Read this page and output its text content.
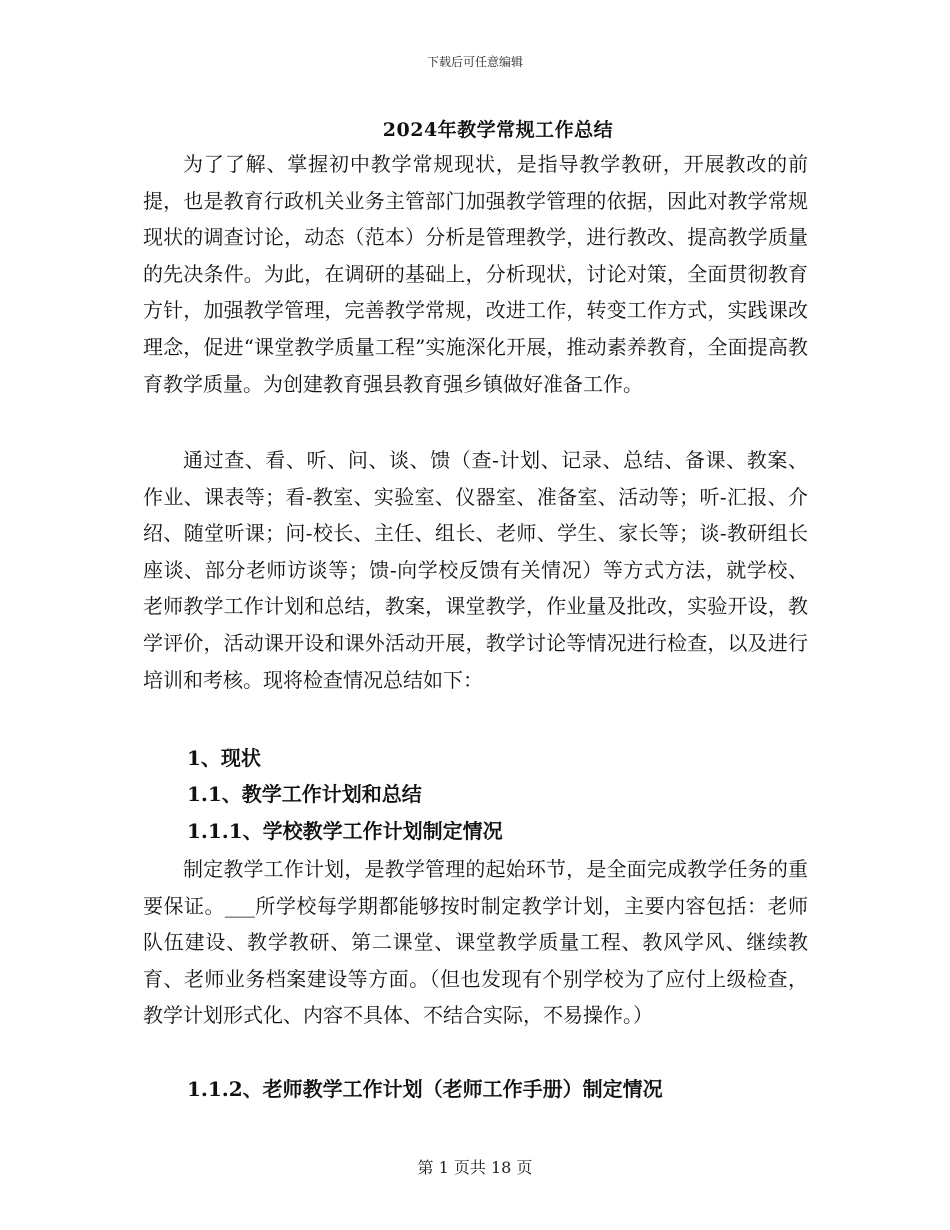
下载后可任意编辑
2024年教学常规工作总结

为了了解、掌握初中教学常规现状，是指导教学教研，开展教改的前提，也是教育行政机关业务主管部门加强教学管理的依据，因此对教学常规现状的调查讨论，动态（范本）分析是管理教学，进行教改、提高教学质量的先决条件。为此，在调研的基础上，分析现状，讨论对策，全面贯彻教育方针，加强教学管理，完善教学常规，改进工作，转变工作方式，实践课改理念，促进“课堂教学质量工程”实施深化开展，推动素养教育，全面提高教育教学质量。为创建教育强县教育强乡镇做好准备工作。

通过查、看、听、问、谈、馈（查-计划、记录、总结、备课、教案、作业、课表等；看-教室、实验室、仪器室、准备室、活动等；听-汇报、介绍、随堂听课；问-校长、主任、组长、老师、学生、家长等；谈-教研组长座谈、部分老师访谈等；馈-向学校反馈有关情况）等方式方法，就学校、老师教学工作计划和总结，教案，课堂教学，作业量及批改，实验开设，教学评价，活动课开设和课外活动开展，教学讨论等情况进行检查，以及进行培训和考核。现将检查情况总结如下：

1、现状
1.1、教学工作计划和总结
1.1.1、学校教学工作计划制定情况

制定教学工作计划，是教学管理的起始环节，是全面完成教学任务的重要保证。___所学校每学期都能够按时制定教学计划，主要内容包括：老师队伍建设、教学教研、第二课堂、课堂教学质量工程、教风学风、继续教育、老师业务档案建设等方面。（但也发现有个别学校为了应付上级检查，教学计划形式化、内容不具体、不结合实际，不易操作。）

1.1.2、老师教学工作计划（老师工作手册）制定情况
第 1 页共 18 页
